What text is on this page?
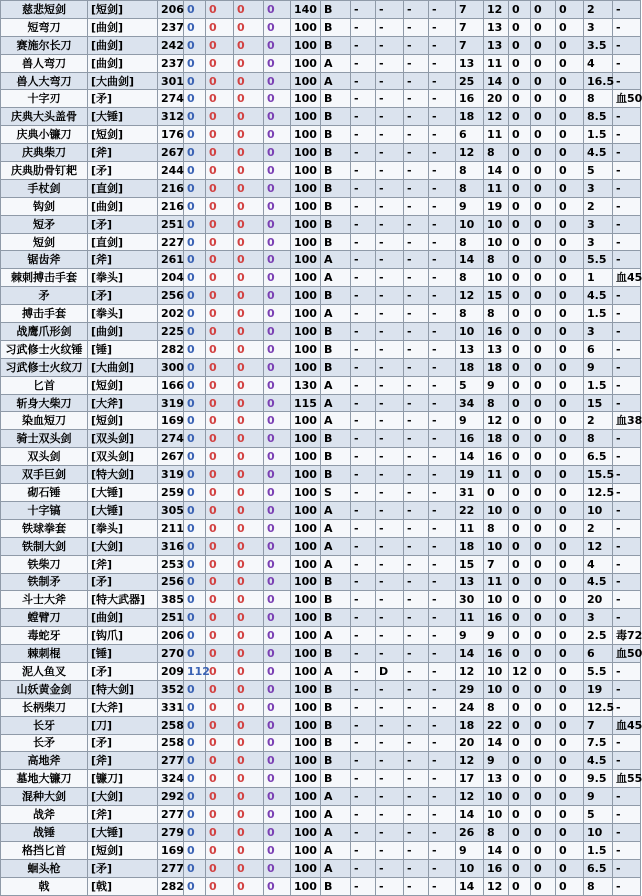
慈悲短剑	[短剑]	206	0	0	0	0	140	B	-	-	-	-	7	12	0	0	0	2	-
短弯刀	[曲剑]	237	0	0	0	0	100	B	-	-	-	-	7	13	0	0	0	3	-
赛施尔长刀	[曲剑]	242	0	0	0	0	100	B	-	-	-	-	7	13	0	0	0	3.5	-
兽人弯刀	[曲剑]	237	0	0	0	0	100	A	-	-	-	-	13	11	0	0	0	4	-
兽人大弯刀	[大曲剑]	301	0	0	0	0	100	A	-	-	-	-	25	14	0	0	0	16.5	-
十字刃	[矛]	274	0	0	0	0	100	B	-	-	-	-	16	20	0	0	0	8	血50
庆典大头盖骨	[大锤]	312	0	0	0	0	100	B	-	-	-	-	18	12	0	0	0	8.5	-
庆典小镰刀	[短剑]	176	0	0	0	0	100	B	-	-	-	-	6	11	0	0	0	1.5	-
庆典柴刀	[斧]	267	0	0	0	0	100	B	-	-	-	-	12	8	0	0	0	4.5	-
庆典肋骨钉耙	[矛]	244	0	0	0	0	100	B	-	-	-	-	8	14	0	0	0	5	-
手杖剑	[直剑]	216	0	0	0	0	100	B	-	-	-	-	8	11	0	0	0	3	-
钩剑	[曲剑]	216	0	0	0	0	100	B	-	-	-	-	9	19	0	0	0	2	-
短矛	[矛]	251	0	0	0	0	100	B	-	-	-	-	10	10	0	0	0	3	-
短剑	[直剑]	227	0	0	0	0	100	B	-	-	-	-	8	10	0	0	0	3	-
锯齿斧	[斧]	261	0	0	0	0	100	A	-	-	-	-	14	8	0	0	0	5.5	-
棘刺搏击手套	[拳头]	204	0	0	0	0	100	A	-	-	-	-	8	10	0	0	0	1	血45
矛	[矛]	256	0	0	0	0	100	B	-	-	-	-	12	15	0	0	0	4.5	-
搏击手套	[拳头]	202	0	0	0	0	100	A	-	-	-	-	8	8	0	0	0	1.5	-
战鹰爪形剑	[曲剑]	225	0	0	0	0	100	B	-	-	-	-	10	16	0	0	0	3	-
习武修士火纹锤	[锤]	282	0	0	0	0	100	B	-	-	-	-	13	13	0	0	0	6	-
习武修士火纹刀	[大曲剑]	300	0	0	0	0	100	B	-	-	-	-	18	18	0	0	0	9	-
匕首	[短剑]	166	0	0	0	0	130	A	-	-	-	-	5	9	0	0	0	1.5	-
斩身大柴刀	[大斧]	319	0	0	0	0	115	A	-	-	-	-	34	8	0	0	0	15	-
染血短刀	[短剑]	169	0	0	0	0	100	A	-	-	-	-	9	12	0	0	0	2	血38
骑士双头剑	[双头剑]	274	0	0	0	0	100	B	-	-	-	-	16	18	0	0	0	8	-
双头剑	[双头剑]	267	0	0	0	0	100	B	-	-	-	-	14	16	0	0	0	6.5	-
双手巨剑	[特大剑]	319	0	0	0	0	100	B	-	-	-	-	19	11	0	0	0	15.5	-
砌石锤	[大锤]	259	0	0	0	0	100	S	-	-	-	-	31	0	0	0	0	12.5	-
十字镐	[大锤]	305	0	0	0	0	100	A	-	-	-	-	22	10	0	0	0	10	-
铁球拳套	[拳头]	211	0	0	0	0	100	A	-	-	-	-	11	8	0	0	0	2	-
铁制大剑	[大剑]	316	0	0	0	0	100	A	-	-	-	-	18	10	0	0	0	12	-
铁柴刀	[斧]	253	0	0	0	0	100	A	-	-	-	-	15	7	0	0	0	4	-
铁制矛	[矛]	256	0	0	0	0	100	B	-	-	-	-	13	11	0	0	0	4.5	-
斗士大斧	[特大武器]	385	0	0	0	0	100	B	-	-	-	-	30	10	0	0	0	20	-
螳臂刀	[曲剑]	251	0	0	0	0	100	B	-	-	-	-	11	16	0	0	0	3	-
毒蛇牙	[钩爪]	206	0	0	0	0	100	A	-	-	-	-	9	9	0	0	0	2.5	毒72
棘刺棍	[锤]	270	0	0	0	0	100	B	-	-	-	-	14	16	0	0	0	6	血50
泥人鱼叉	[矛]	209	112	0	0	0	100	A	-	D	-	-	12	10	12	0	0	5.5	-
山妖黄金剑	[特大剑]	352	0	0	0	0	100	B	-	-	-	-	29	10	0	0	0	19	-
长柄柴刀	[大斧]	331	0	0	0	0	100	B	-	-	-	-	24	8	0	0	0	12.5	-
长牙	[刀]	258	0	0	0	0	100	B	-	-	-	-	18	22	0	0	0	7	血45
长矛	[矛]	258	0	0	0	0	100	B	-	-	-	-	20	14	0	0	0	7.5	-
高地斧	[斧]	277	0	0	0	0	100	B	-	-	-	-	12	9	0	0	0	4.5	-
墓地大镰刀	[镰刀]	324	0	0	0	0	100	B	-	-	-	-	17	13	0	0	0	9.5	血55
混种大剑	[大剑]	292	0	0	0	0	100	A	-	-	-	-	12	10	0	0	0	9	-
战斧	[斧]	277	0	0	0	0	100	A	-	-	-	-	14	10	0	0	0	5	-
战锤	[大锤]	279	0	0	0	0	100	A	-	-	-	-	26	8	0	0	0	10	-
格挡匕首	[短剑]	169	0	0	0	0	100	A	-	-	-	-	9	14	0	0	0	1.5	-
蛔头枪	[矛]	277	0	0	0	0	100	A	-	-	-	-	10	16	0	0	0	6.5	-
戟	[戟]	282	0	0	0	0	100	B	-	-	-	-	14	12	0	0	0	8	-
